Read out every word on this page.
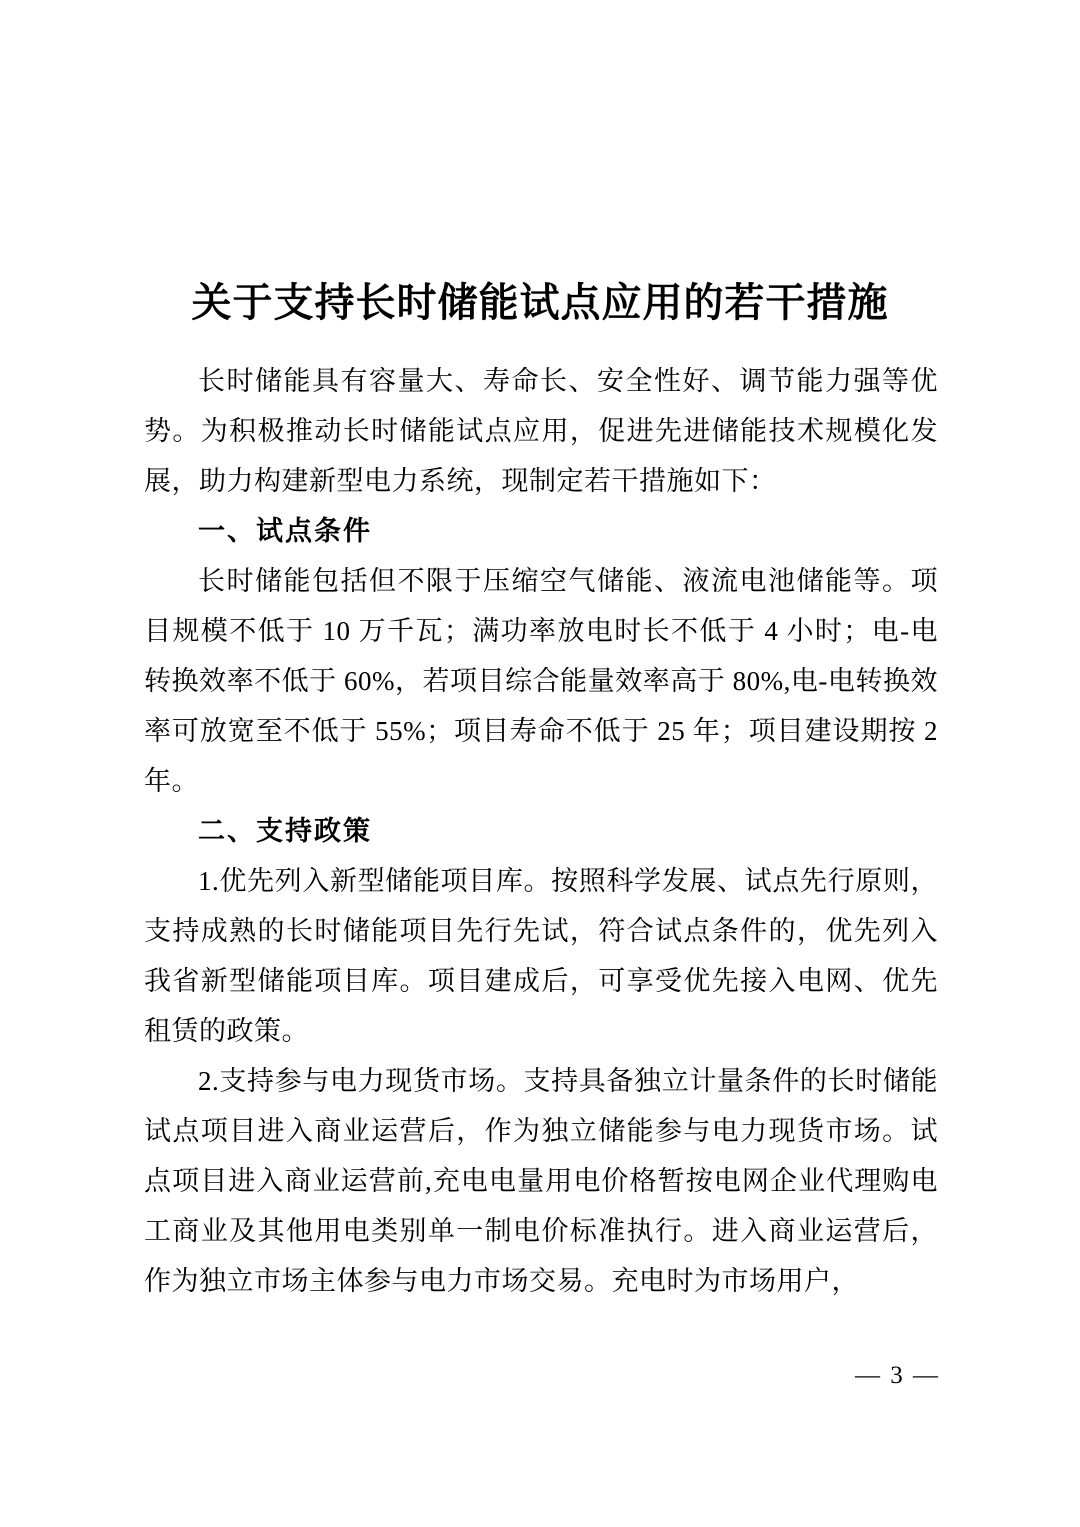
关于支持长时储能试点应用的若干措施

长时储能具有容量大、寿命长、安全性好、调节能力强等优势。为积极推动长时储能试点应用，促进先进储能技术规模化发展，助力构建新型电力系统，现制定若干措施如下：

一、试点条件

长时储能包括但不限于压缩空气储能、液流电池储能等。项目规模不低于 10 万千瓦；满功率放电时长不低于 4 小时；电-电转换效率不低于 60%，若项目综合能量效率高于 80%,电-电转换效率可放宽至不低于 55%；项目寿命不低于 25 年；项目建设期按 2 年。

二、支持政策

1.优先列入新型储能项目库。按照科学发展、试点先行原则，支持成熟的长时储能项目先行先试，符合试点条件的，优先列入我省新型储能项目库。项目建成后，可享受优先接入电网、优先租赁的政策。

2.支持参与电力现货市场。支持具备独立计量条件的长时储能试点项目进入商业运营后，作为独立储能参与电力现货市场。试点项目进入商业运营前,充电电量用电价格暂按电网企业代理购电工商业及其他用电类别单一制电价标准执行。进入商业运营后，作为独立市场主体参与电力市场交易。充电时为市场用户，

— 3 —
